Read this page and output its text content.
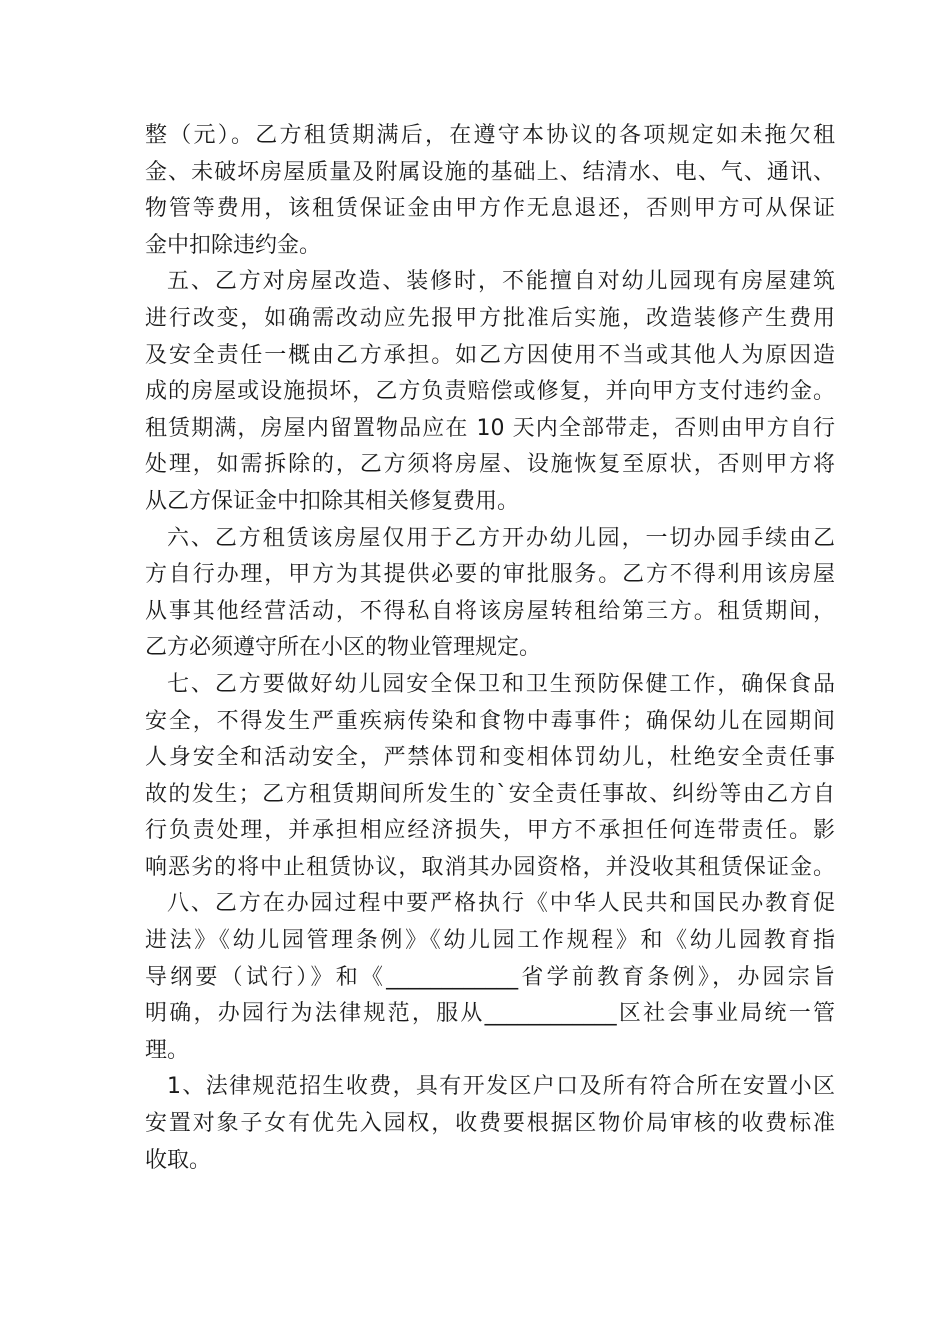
整（元）。乙方租赁期满后，在遵守本协议的各项规定如未拖欠租
金、未破坏房屋质量及附属设施的基础上、结清水、电、气、通讯、
物管等费用，该租赁保证金由甲方作无息退还，否则甲方可从保证
金中扣除违约金。
五、乙方对房屋改造、装修时，不能擅自对幼儿园现有房屋建筑
进行改变，如确需改动应先报甲方批准后实施，改造装修产生费用
及安全责任一概由乙方承担。如乙方因使用不当或其他人为原因造
成的房屋或设施损坏，乙方负责赔偿或修复，并向甲方支付违约金。
租赁期满，房屋内留置物品应在 10 天内全部带走，否则由甲方自行
处理，如需拆除的，乙方须将房屋、设施恢复至原状，否则甲方将
从乙方保证金中扣除其相关修复费用。
六、乙方租赁该房屋仅用于乙方开办幼儿园，一切办园手续由乙
方自行办理，甲方为其提供必要的审批服务。乙方不得利用该房屋
从事其他经营活动，不得私自将该房屋转租给第三方。租赁期间，
乙方必须遵守所在小区的物业管理规定。
七、乙方要做好幼儿园安全保卫和卫生预防保健工作，确保食品
安全，不得发生严重疾病传染和食物中毒事件；确保幼儿在园期间
人身安全和活动安全，严禁体罚和变相体罚幼儿，杜绝安全责任事
故的发生；乙方租赁期间所发生的`安全责任事故、纠纷等由乙方自
行负责处理，并承担相应经济损失，甲方不承担任何连带责任。影
响恶劣的将中止租赁协议，取消其办园资格，并没收其租赁保证金。
八、乙方在办园过程中要严格执行《中华人民共和国民办教育促
进法》《幼儿园管理条例》《幼儿园工作规程》和《幼儿园教育指
导纲要（试行）》和《____________省学前教育条例》，办园宗旨
明确，办园行为法律规范，服从____________区社会事业局统一管
理。
1、法律规范招生收费，具有开发区户口及所有符合所在安置小区
安置对象子女有优先入园权，收费要根据区物价局审核的收费标准
收取。
